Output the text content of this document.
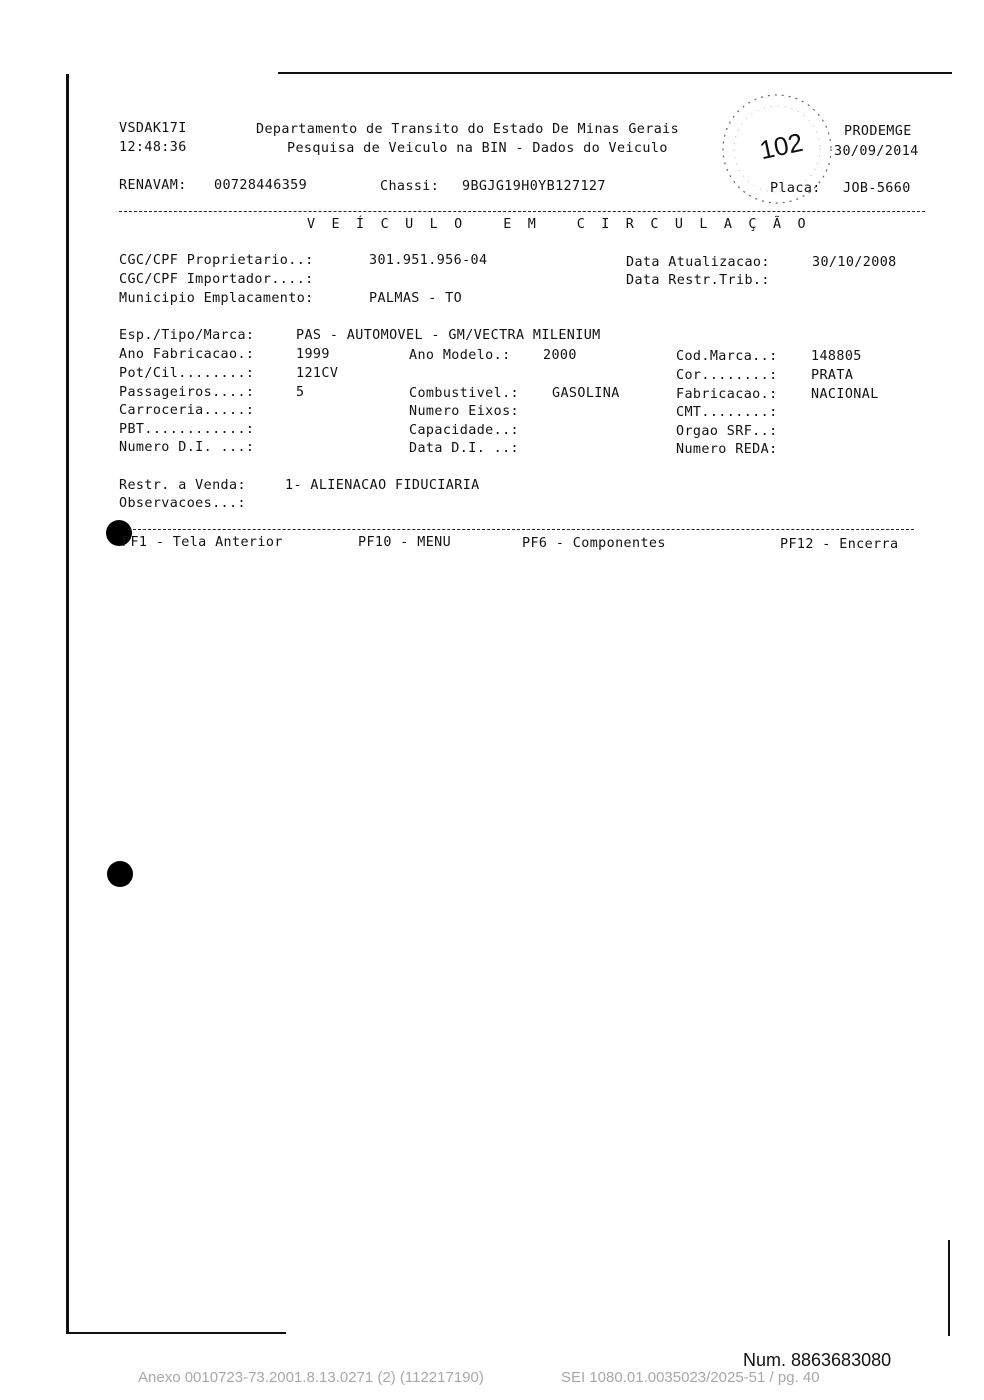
VSDAK17I
12:48:36
Departamento de Transito do Estado De Minas Gerais	PRODEMGE
Pesquisa de Veiculo na BIN - Dados do Veiculo	30/09/2014
RENAVAM: 00728446359	Chassi: 9BGJG19H0YB127127	Placa: JOB-5660
V E Í C U L O   E M   C I R C U L A Ç Ã O
CGC/CPF Proprietario..:	301.951.956-04	Data Atualizacao:	30/10/2008
CGC/CPF Importador....:	Data Restr.Trib.:
Municipio Emplacamento:	PALMAS - TO
Esp./Tipo/Marca:	PAS - AUTOMOVEL - GM/VECTRA MILENIUM
Ano Fabricacao.:	1999	Ano Modelo.: 2000	Cod.Marca..: 148805
Pot/Cil........:	121CV	Cor........: PRATA
Passageiros....:	5	Combustivel.: GASOLINA	Fabricacao.: NACIONAL
Carroceria.....:	Numero Eixos:	CMT........:
PBT............:	Capacidade..:	Orgao SRF..:
Numero D.I. ...:	Data D.I. ..:	Numero REDA:
Restr. a Venda:	1- ALIENACAO FIDUCIARIA
Observacoes...:
PF1 - Tela Anterior	PF10 - MENU	PF6 - Componentes	PF12 - Encerra
102
Num. 8863683080
Anexo 0010723-73.2001.8.13.0271 (2) (112217190)	SEI 1080.01.0035023/2025-51 / pg. 40
